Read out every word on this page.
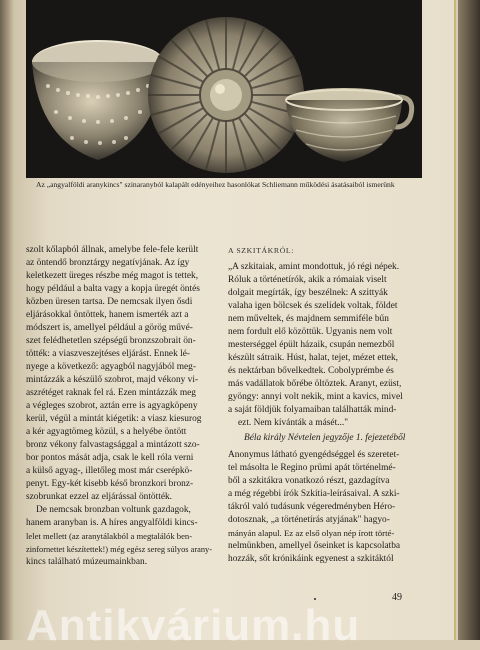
Az „angyalföldi aranykincs" szinaranyból kalapált edényeihez hasonlókat Schliemann működési ásatásaiból ismerünk
szolt kőlapból állnak, amelybe fele-fele került
az öntendő bronztárgy negatívjának. Az így
keletkezett üreges részbe még magot is tettek,
hogy például a balta vagy a kopja üregét öntés
közben üresen tartsa. De nemcsak ilyen ősdi
eljárásokkal öntöttek, hanem ismerték azt a
módszert is, amellyel például a görög művé-
szet felédhetetlen szépségű bronzszobrait ön-
tötték: a viaszveszejtéses eljárást. Ennek lé-
nyege a következő: agyagból nagyjából meg-
mintázzák a készülő szobrot, majd vékony vi-
aszrétéget raknak fel rá. Ezen mintázzák meg
a végleges szobrot, aztán erre is agyagköpeny
kerül, végül a mintát kiégetik: a viasz kiesurog
a kér agyagtömeg közül, s a helyébe öntött
bronz vékony falvastagsággal a mintázott szo-
bor pontos mását adja, csak le kell róla verni
a külső agyag-, illetőleg most már cserépkö-
penyt. Egy-két kisebb késő bronzkori bronz-
szobrunkat ezzel az eljárással öntötték.
De nemcsak bronzban voltunk gazdagok,
hanem aranyban is. A híres angyalföldi kincs-
lelet mellett (az aranytálakból a megtalálók ben-
zinfornettet készítettek!) még egész sereg súlyos arany-
kincs található múzeumainkban.
A SZKITÁKRÓL:
„A szkitaiak, amint mondottuk, jó régi népek.
Róluk a történetírók, akik a rómaiak viselt
dolgait megírták, így beszélnek: A szittyák
valaha igen bölcsek és szelídek voltak, földet
nem műveltek, és majdnem semmiféle bűn
nem fordult elő közöttük. Ugyanis nem volt
mesterséggel épült házaik, csupán nemezből
készült sátraik. Húst, halat, tejet, mézet ettek,
és nektárban bővelkedtek. Cobolyprémbe és
más vadállatok bőrébe öltöztek. Aranyt, ezüst,
gyöngy: annyi volt nekik, mint a kavics, mivel
a saját földjük folyamaiban találhatták mind-
ezt. Nem kívánták a másét..."
Béla király Névtelen jegyzője 1. fejezetéből
Anonymus látható gyengédséggel és szeretet-
tel másolta le Regino prümi apát történelmé-
ből a szkitákra vonatkozó részt, gazdagítva
a még régebbi írók Szkítia-leírásaival. A szki-
tákról való tudásunk végeredményben Héro-
dotosznak, „a történetírás atyjának" hagyo-
mányán alapul. Ez az első olyan nép írott törté-
nelmünkben, amellyel őseinket is kapcsolatba
hozzák, sőt krónikáink egyenest a szkitáktól
49
Antikvárium.hu
